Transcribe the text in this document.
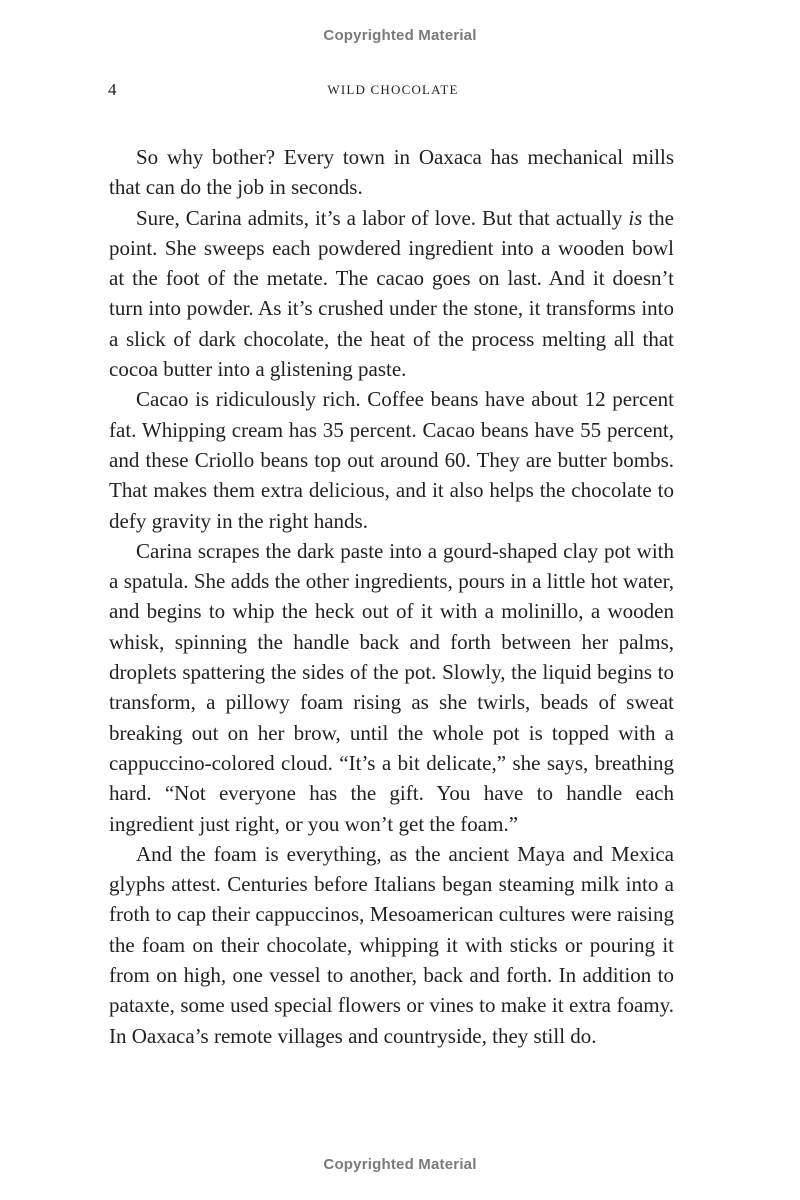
Copyrighted Material
4	WILD CHOCOLATE

So why bother? Every town in Oaxaca has mechanical mills that can do the job in seconds.

Sure, Carina admits, it’s a labor of love. But that actually is the point. She sweeps each powdered ingredient into a wooden bowl at the foot of the metate. The cacao goes on last. And it doesn’t turn into powder. As it’s crushed under the stone, it transforms into a slick of dark chocolate, the heat of the process melting all that cocoa butter into a glistening paste.

Cacao is ridiculously rich. Coffee beans have about 12 percent fat. Whipping cream has 35 percent. Cacao beans have 55 percent, and these Criollo beans top out around 60. They are butter bombs. That makes them extra delicious, and it also helps the chocolate to defy gravity in the right hands.

Carina scrapes the dark paste into a gourd-shaped clay pot with a spatula. She adds the other ingredients, pours in a little hot water, and begins to whip the heck out of it with a molinillo, a wooden whisk, spinning the handle back and forth between her palms, droplets spattering the sides of the pot. Slowly, the liquid begins to transform, a pillowy foam rising as she twirls, beads of sweat breaking out on her brow, until the whole pot is topped with a cappuccino-colored cloud. “It’s a bit delicate,” she says, breathing hard. “Not everyone has the gift. You have to handle each ingredient just right, or you won’t get the foam.”

And the foam is everything, as the ancient Maya and Mexica glyphs attest. Centuries before Italians began steaming milk into a froth to cap their cappuccinos, Mesoamerican cultures were raising the foam on their chocolate, whipping it with sticks or pouring it from on high, one vessel to another, back and forth. In addition to pataxte, some used special flowers or vines to make it extra foamy. In Oaxaca’s remote villages and countryside, they still do.

Copyrighted Material
